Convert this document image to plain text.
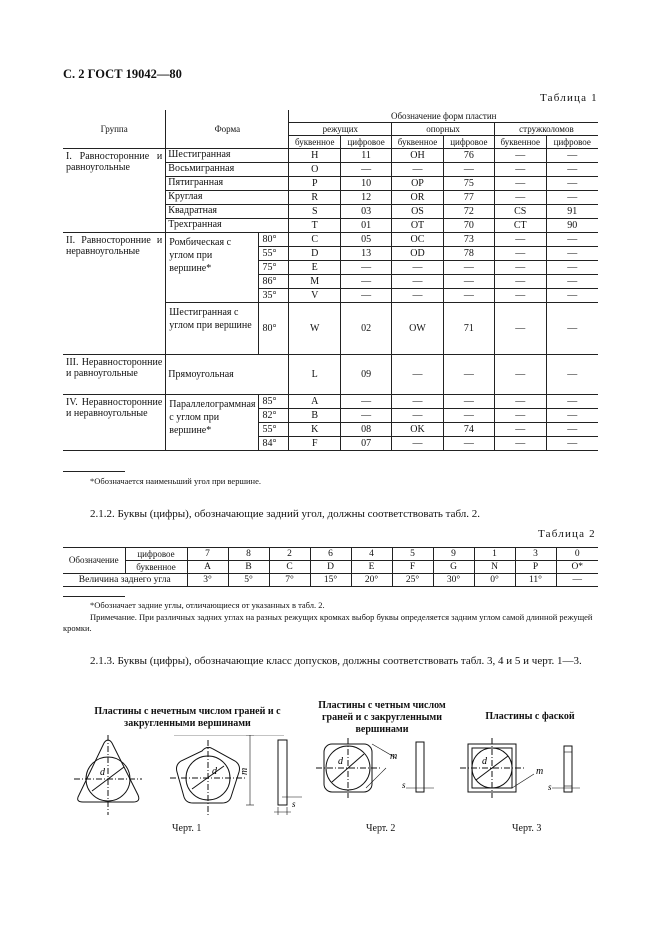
С. 2 ГОСТ 19042—80
Таблица 1
Группа	Форма		Обозначение форм пластин					
			режущих		опорных		стружколомов	
			буквенное	цифровое	буквенное	цифровое	буквенное	цифровое
I. Равносторонние и равноугольные	Шестигранная		H	11	OH	76	—	—
	Восьмигранная		O	—	—	—	—	—
	Пятигранная		P	10	OP	75	—	—
	Круглая		R	12	OR	77	—	—
	Квадратная		S	03	OS	72	CS	91
	Трехгранная		T	01	OT	70	CT	90
II. Равносторонние и неравноугольные	Ромбическая с углом при вершине*	80°	C	05	OC	73	—	—
		55°	D	13	OD	78	—	—
		75°	E	—	—	—	—	—
		86°	M	—	—	—	—	—
		35°	V	—	—	—	—	—
	Шестигранная с углом при вершине	80°	W	02	OW	71	—	—
III. Неравносторонние и равноугольные	Прямоугольная		L	09	—	—	—	—
IV. Неравносторонние и неравноугольные	Параллелограммная с углом при вершине*	85°	A	—	—	—	—	—
		82°	B	—	—	—	—	—
		55°	K	08	OK	74	—	—
		84°	F	07	—	—	—	—
*Обозначается наименьший угол при вершине.
2.1.2. Буквы (цифры), обозначающие задний угол, должны соответствовать табл. 2.
Таблица 2
Обозначение	цифровое	7	8	2	6	4	5	9	1	3	0
	буквенное	A	B	C	D	E	F	G	N	P	O*
Величина заднего угла		3°	5°	7°	15°	20°	25°	30°	0°	11°	—
*Обозначает задние углы, отличающиеся от указанных в табл. 2.
Примечание. При различных задних углах на разных режущих кромках выбор буквы определяется задним углом самой длинной режущей кромки.
2.1.3. Буквы (цифры), обозначающие класс допусков, должны соответствовать табл. 3, 4 и 5 и черт. 1—3.
Пластины с нечетным числом граней и с закругленными вершинами
Пластины с четным числом граней и с закругленными вершинами
Пластины с фаской
d	d m
s
d	m
s
d
m
s
Черт. 1	Черт. 2	Черт. 3
